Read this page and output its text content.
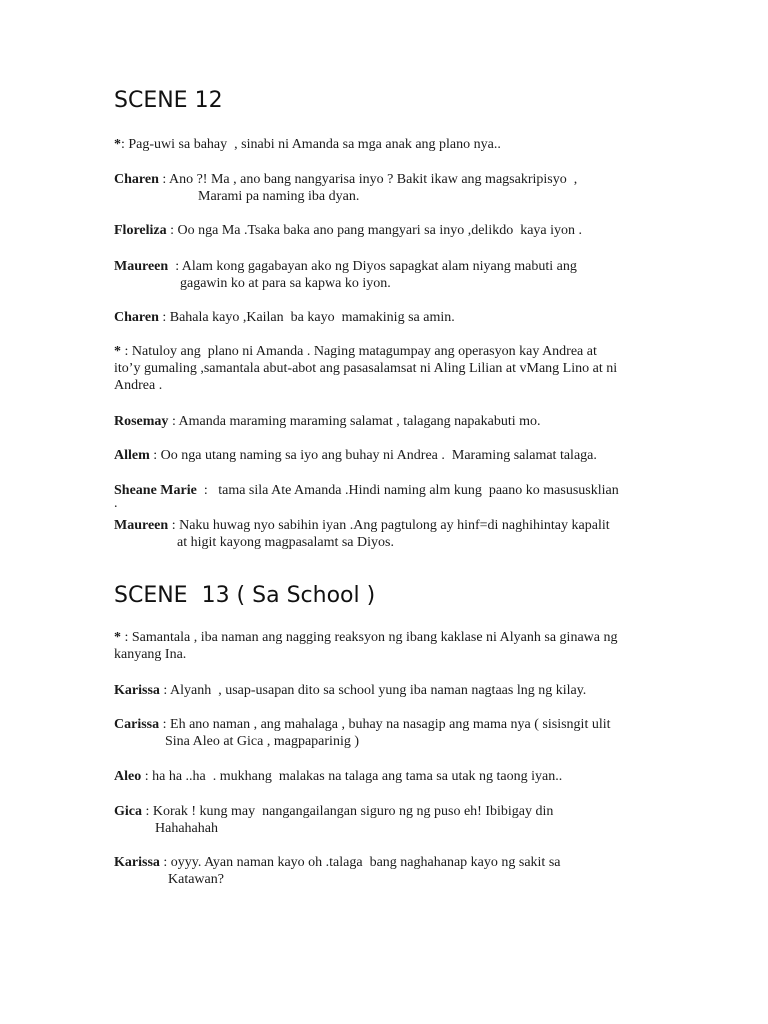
SCENE 12
*: Pag-uwi sa bahay  , sinabi ni Amanda sa mga anak ang plano nya..
Charen : Ano ?! Ma , ano bang nangyarisa inyo ? Bakit ikaw ang magsakripisyo  ,
Marami pa naming iba dyan.
Floreliza : Oo nga Ma .Tsaka baka ano pang mangyari sa inyo ,delikdo  kaya iyon .
Maureen  : Alam kong gagabayan ako ng Diyos sapagkat alam niyang mabuti ang
gagawin ko at para sa kapwa ko iyon.
Charen : Bahala kayo ,Kailan  ba kayo  mamakinig sa amin.
* : Natuloy ang  plano ni Amanda . Naging matagumpay ang operasyon kay Andrea at
ito’y gumaling ,samantala abut-abot ang pasasalamsat ni Aling Lilian at vMang Lino at ni
Andrea .
Rosemay : Amanda maraming maraming salamat , talagang napakabuti mo.
Allem : Oo nga utang naming sa iyo ang buhay ni Andrea .  Maraming salamat talaga.
Sheane Marie  :   tama sila Ate Amanda .Hindi naming alm kung  paano ko masususklian
.
Maureen : Naku huwag nyo sabihin iyan .Ang pagtulong ay hinf=di naghihintay kapalit
at higit kayong magpasalamt sa Diyos.
SCENE  13 ( Sa School )
* : Samantala , iba naman ang nagging reaksyon ng ibang kaklase ni Alyanh sa ginawa ng
kanyang Ina.
Karissa : Alyanh  , usap-usapan dito sa school yung iba naman nagtaas lng ng kilay.
Carissa : Eh ano naman , ang mahalaga , buhay na nasagip ang mama nya ( sisisngit ulit
Sina Aleo at Gica , magpaparinig )
Aleo : ha ha ..ha  . mukhang  malakas na talaga ang tama sa utak ng taong iyan..
Gica : Korak ! kung may  nangangailangan siguro ng ng puso eh! Ibibigay din
Hahahahah
Karissa : oyyy. Ayan naman kayo oh .talaga  bang naghahanap kayo ng sakit sa
Katawan?
